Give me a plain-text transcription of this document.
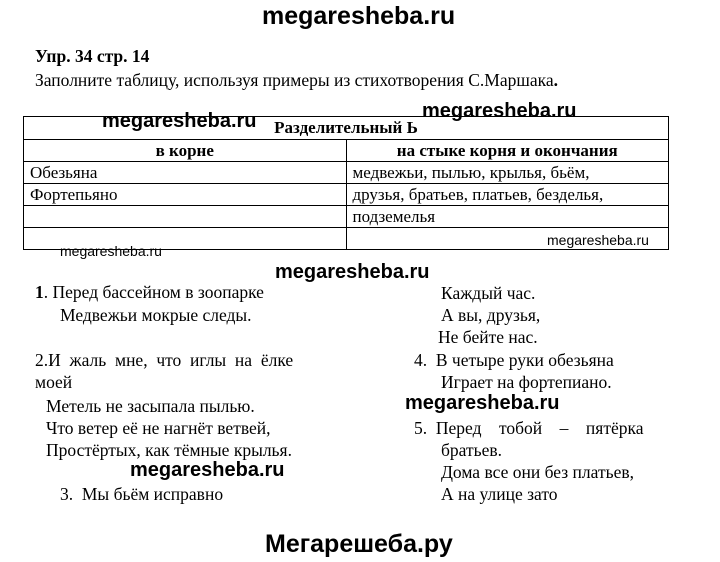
megaresheba.ru
Упр. 34 стр. 14
Заполните таблицу, используя примеры из стихотворения С.Маршака.
Разделительный Ь	
в корне	на стыке корня и окончания
Обезьяна	медвежьи, пылью, крылья, бьём,
Фортепьяно	друзья, братьев, платьев, безделья,
	подземелья

megaresheba.ru	megaresheba.ru
megaresheba.ru
megaresheba.ru
megaresheba.ru
1. Перед бассейном в зоопарке
Медвежьи мокрые следы.
2.И  жаль  мне,  что  иглы  на  ёлке
моей
Метель не засыпала пылью.
Что ветер её не нагнёт ветвей,
Простёртых, как тёмные крылья.
megaresheba.ru
3.  Мы бьём исправно
Каждый час.
А вы, друзья,
Не бейте нас.
4.  В четыре руки обезьяна
Играет на фортепиано.
megaresheba.ru
5.  Перед    тобой    –    пятёрка
братьев.
Дома все они без платьев,
А на улице зато
Мегарешеба.ру
